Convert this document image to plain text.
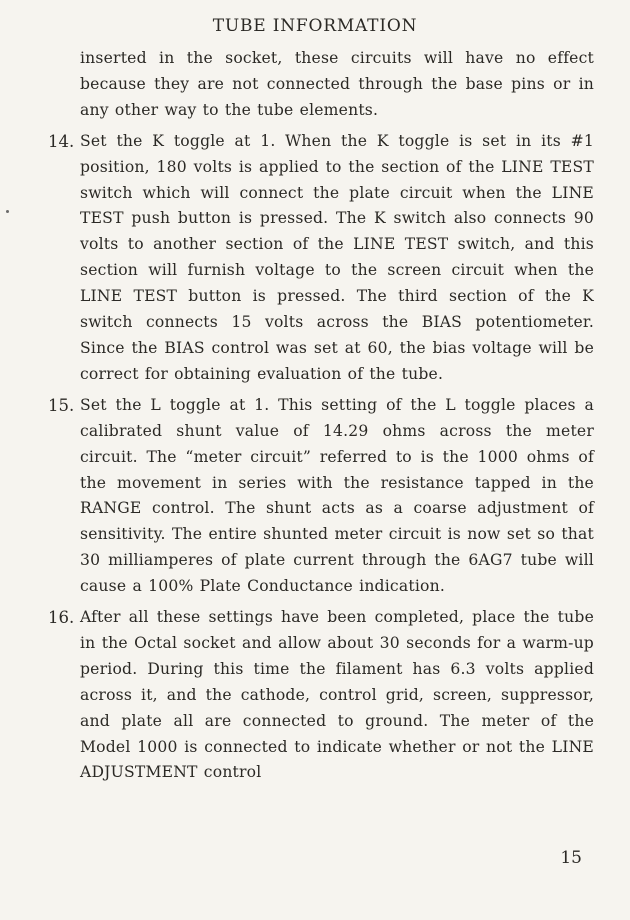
TUBE INFORMATION

inserted in the socket, these circuits will have no effect because they are not connected through the base pins or in any other way to the tube elements.

14. Set the K toggle at 1. When the K toggle is set in its #1 position, 180 volts is applied to the section of the LINE TEST switch which will connect the plate circuit when the LINE TEST push button is pressed. The K switch also connects 90 volts to another section of the LINE TEST switch, and this section will furnish voltage to the screen circuit when the LINE TEST button is pressed. The third section of the K switch connects 15 volts across the BIAS potentiometer. Since the BIAS control was set at 60, the bias voltage will be correct for obtaining evaluation of the tube.

15. Set the L toggle at 1. This setting of the L toggle places a calibrated shunt value of 14.29 ohms across the meter circuit. The “meter circuit” referred to is the 1000 ohms of the movement in series with the resistance tapped in the RANGE control. The shunt acts as a coarse adjustment of sensitivity. The entire shunted meter circuit is now set so that 30 milliamperes of plate current through the 6AG7 tube will cause a 100% Plate Conductance indication.

16. After all these settings have been completed, place the tube in the Octal socket and allow about 30 seconds for a warm-up period. During this time the filament has 6.3 volts applied across it, and the cathode, control grid, screen, suppressor, and plate all are connected to ground. The meter of the Model 1000 is connected to indicate whether or not the LINE ADJUSTMENT control

15
